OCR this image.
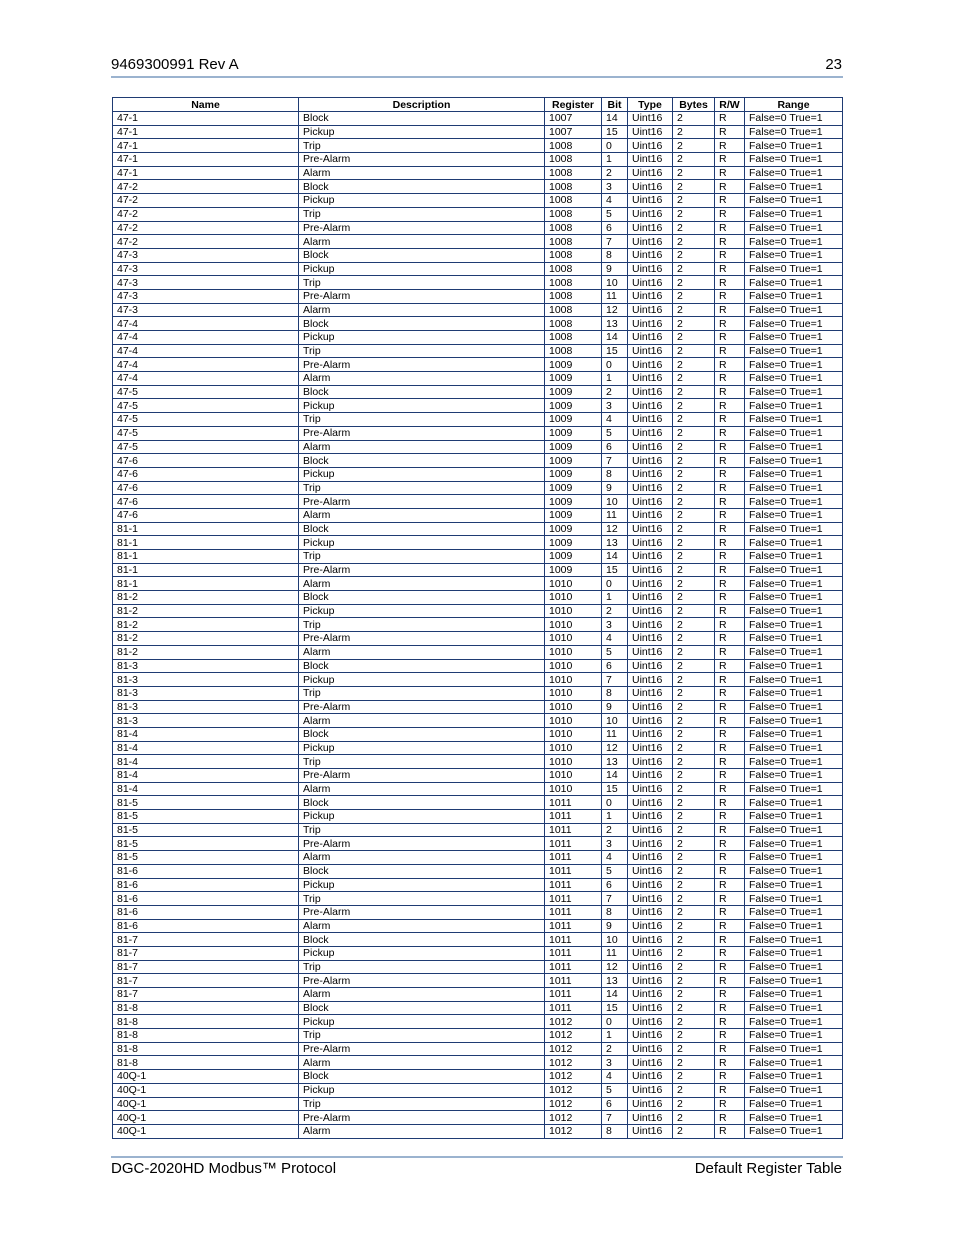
9469300991 Rev A	23
Name	Description	Register	Bit	Type	Bytes	R/W	Range
47-1	Block	1007	14	Uint16	2	R	False=0 True=1
47-1	Pickup	1007	15	Uint16	2	R	False=0 True=1
47-1	Trip	1008	0	Uint16	2	R	False=0 True=1
47-1	Pre-Alarm	1008	1	Uint16	2	R	False=0 True=1
47-1	Alarm	1008	2	Uint16	2	R	False=0 True=1
47-2	Block	1008	3	Uint16	2	R	False=0 True=1
47-2	Pickup	1008	4	Uint16	2	R	False=0 True=1
47-2	Trip	1008	5	Uint16	2	R	False=0 True=1
47-2	Pre-Alarm	1008	6	Uint16	2	R	False=0 True=1
47-2	Alarm	1008	7	Uint16	2	R	False=0 True=1
47-3	Block	1008	8	Uint16	2	R	False=0 True=1
47-3	Pickup	1008	9	Uint16	2	R	False=0 True=1
47-3	Trip	1008	10	Uint16	2	R	False=0 True=1
47-3	Pre-Alarm	1008	11	Uint16	2	R	False=0 True=1
47-3	Alarm	1008	12	Uint16	2	R	False=0 True=1
47-4	Block	1008	13	Uint16	2	R	False=0 True=1
47-4	Pickup	1008	14	Uint16	2	R	False=0 True=1
47-4	Trip	1008	15	Uint16	2	R	False=0 True=1
47-4	Pre-Alarm	1009	0	Uint16	2	R	False=0 True=1
47-4	Alarm	1009	1	Uint16	2	R	False=0 True=1
47-5	Block	1009	2	Uint16	2	R	False=0 True=1
47-5	Pickup	1009	3	Uint16	2	R	False=0 True=1
47-5	Trip	1009	4	Uint16	2	R	False=0 True=1
47-5	Pre-Alarm	1009	5	Uint16	2	R	False=0 True=1
47-5	Alarm	1009	6	Uint16	2	R	False=0 True=1
47-6	Block	1009	7	Uint16	2	R	False=0 True=1
47-6	Pickup	1009	8	Uint16	2	R	False=0 True=1
47-6	Trip	1009	9	Uint16	2	R	False=0 True=1
47-6	Pre-Alarm	1009	10	Uint16	2	R	False=0 True=1
47-6	Alarm	1009	11	Uint16	2	R	False=0 True=1
81-1	Block	1009	12	Uint16	2	R	False=0 True=1
81-1	Pickup	1009	13	Uint16	2	R	False=0 True=1
81-1	Trip	1009	14	Uint16	2	R	False=0 True=1
81-1	Pre-Alarm	1009	15	Uint16	2	R	False=0 True=1
81-1	Alarm	1010	0	Uint16	2	R	False=0 True=1
81-2	Block	1010	1	Uint16	2	R	False=0 True=1
81-2	Pickup	1010	2	Uint16	2	R	False=0 True=1
81-2	Trip	1010	3	Uint16	2	R	False=0 True=1
81-2	Pre-Alarm	1010	4	Uint16	2	R	False=0 True=1
81-2	Alarm	1010	5	Uint16	2	R	False=0 True=1
81-3	Block	1010	6	Uint16	2	R	False=0 True=1
81-3	Pickup	1010	7	Uint16	2	R	False=0 True=1
81-3	Trip	1010	8	Uint16	2	R	False=0 True=1
81-3	Pre-Alarm	1010	9	Uint16	2	R	False=0 True=1
81-3	Alarm	1010	10	Uint16	2	R	False=0 True=1
81-4	Block	1010	11	Uint16	2	R	False=0 True=1
81-4	Pickup	1010	12	Uint16	2	R	False=0 True=1
81-4	Trip	1010	13	Uint16	2	R	False=0 True=1
81-4	Pre-Alarm	1010	14	Uint16	2	R	False=0 True=1
81-4	Alarm	1010	15	Uint16	2	R	False=0 True=1
81-5	Block	1011	0	Uint16	2	R	False=0 True=1
81-5	Pickup	1011	1	Uint16	2	R	False=0 True=1
81-5	Trip	1011	2	Uint16	2	R	False=0 True=1
81-5	Pre-Alarm	1011	3	Uint16	2	R	False=0 True=1
81-5	Alarm	1011	4	Uint16	2	R	False=0 True=1
81-6	Block	1011	5	Uint16	2	R	False=0 True=1
81-6	Pickup	1011	6	Uint16	2	R	False=0 True=1
81-6	Trip	1011	7	Uint16	2	R	False=0 True=1
81-6	Pre-Alarm	1011	8	Uint16	2	R	False=0 True=1
81-6	Alarm	1011	9	Uint16	2	R	False=0 True=1
81-7	Block	1011	10	Uint16	2	R	False=0 True=1
81-7	Pickup	1011	11	Uint16	2	R	False=0 True=1
81-7	Trip	1011	12	Uint16	2	R	False=0 True=1
81-7	Pre-Alarm	1011	13	Uint16	2	R	False=0 True=1
81-7	Alarm	1011	14	Uint16	2	R	False=0 True=1
81-8	Block	1011	15	Uint16	2	R	False=0 True=1
81-8	Pickup	1012	0	Uint16	2	R	False=0 True=1
81-8	Trip	1012	1	Uint16	2	R	False=0 True=1
81-8	Pre-Alarm	1012	2	Uint16	2	R	False=0 True=1
81-8	Alarm	1012	3	Uint16	2	R	False=0 True=1
40Q-1	Block	1012	4	Uint16	2	R	False=0 True=1
40Q-1	Pickup	1012	5	Uint16	2	R	False=0 True=1
40Q-1	Trip	1012	6	Uint16	2	R	False=0 True=1
40Q-1	Pre-Alarm	1012	7	Uint16	2	R	False=0 True=1
40Q-1	Alarm	1012	8	Uint16	2	R	False=0 True=1
DGC-2020HD Modbus™ Protocol	Default Register Table
